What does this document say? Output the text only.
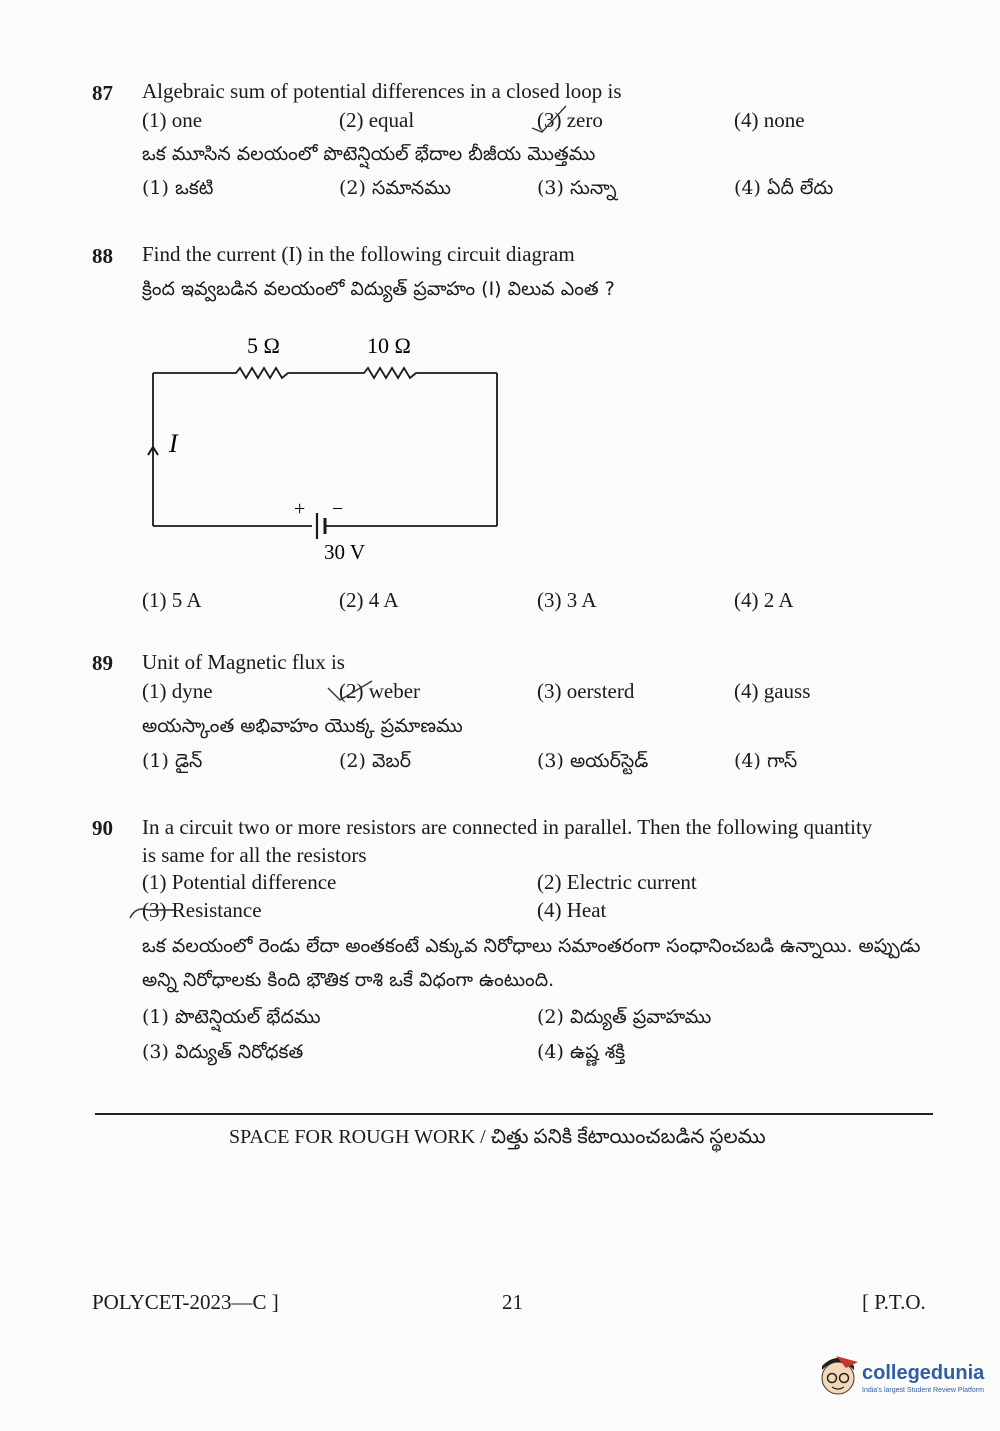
87 Algebraic sum of potential differences in a closed loop is
(1) one	(2) equal	(3) zero	(4) none
ఒక మూసిన వలయంలో పొటెన్షియల్ భేదాల బీజీయ మొత్తము
(1) ఒకటి	(2) సమానము	(3) సున్నా	(4) ఏదీ లేదు
88 Find the current (I) in the following circuit diagram
క్రింద ఇవ్వబడిన వలయంలో విద్యుత్ ప్రవాహం (I) విలువ ఎంత ?
5 Ω	10 Ω
I
+ −
30 V
(1) 5 A	(2) 4 A	(3) 3 A	(4) 2 A
89 Unit of Magnetic flux is
(1) dyne	(2) weber	(3) oersterd	(4) gauss
అయస్కాంత అభివాహం యొక్క ప్రమాణము
(1) డైన్	(2) వెబర్	(3) అయర్‌స్టెడ్	(4) గాస్
90 In a circuit two or more resistors are connected in parallel. Then the following quantity
is same for all the resistors
(1) Potential difference	(2) Electric current
(3) Resistance	(4) Heat
ఒక వలయంలో రెండు లేదా అంతకంటే ఎక్కువ నిరోధాలు సమాంతరంగా సంధానించబడి ఉన్నాయి. అప్పుడు
అన్ని నిరోధాలకు కింది భౌతిక రాశి ఒకే విధంగా ఉంటుంది.
(1) పొటెన్షియల్ భేదము	(2) విద్యుత్ ప్రవాహము
(3) విద్యుత్ నిరోధకత	(4) ఉష్ణ శక్తి
SPACE FOR ROUGH WORK / చిత్తు పనికి కేటాయించబడిన స్థలము
POLYCET-2023—C ]	21	[ P.T.O.
collegedunia
India's largest Student Review Platform
